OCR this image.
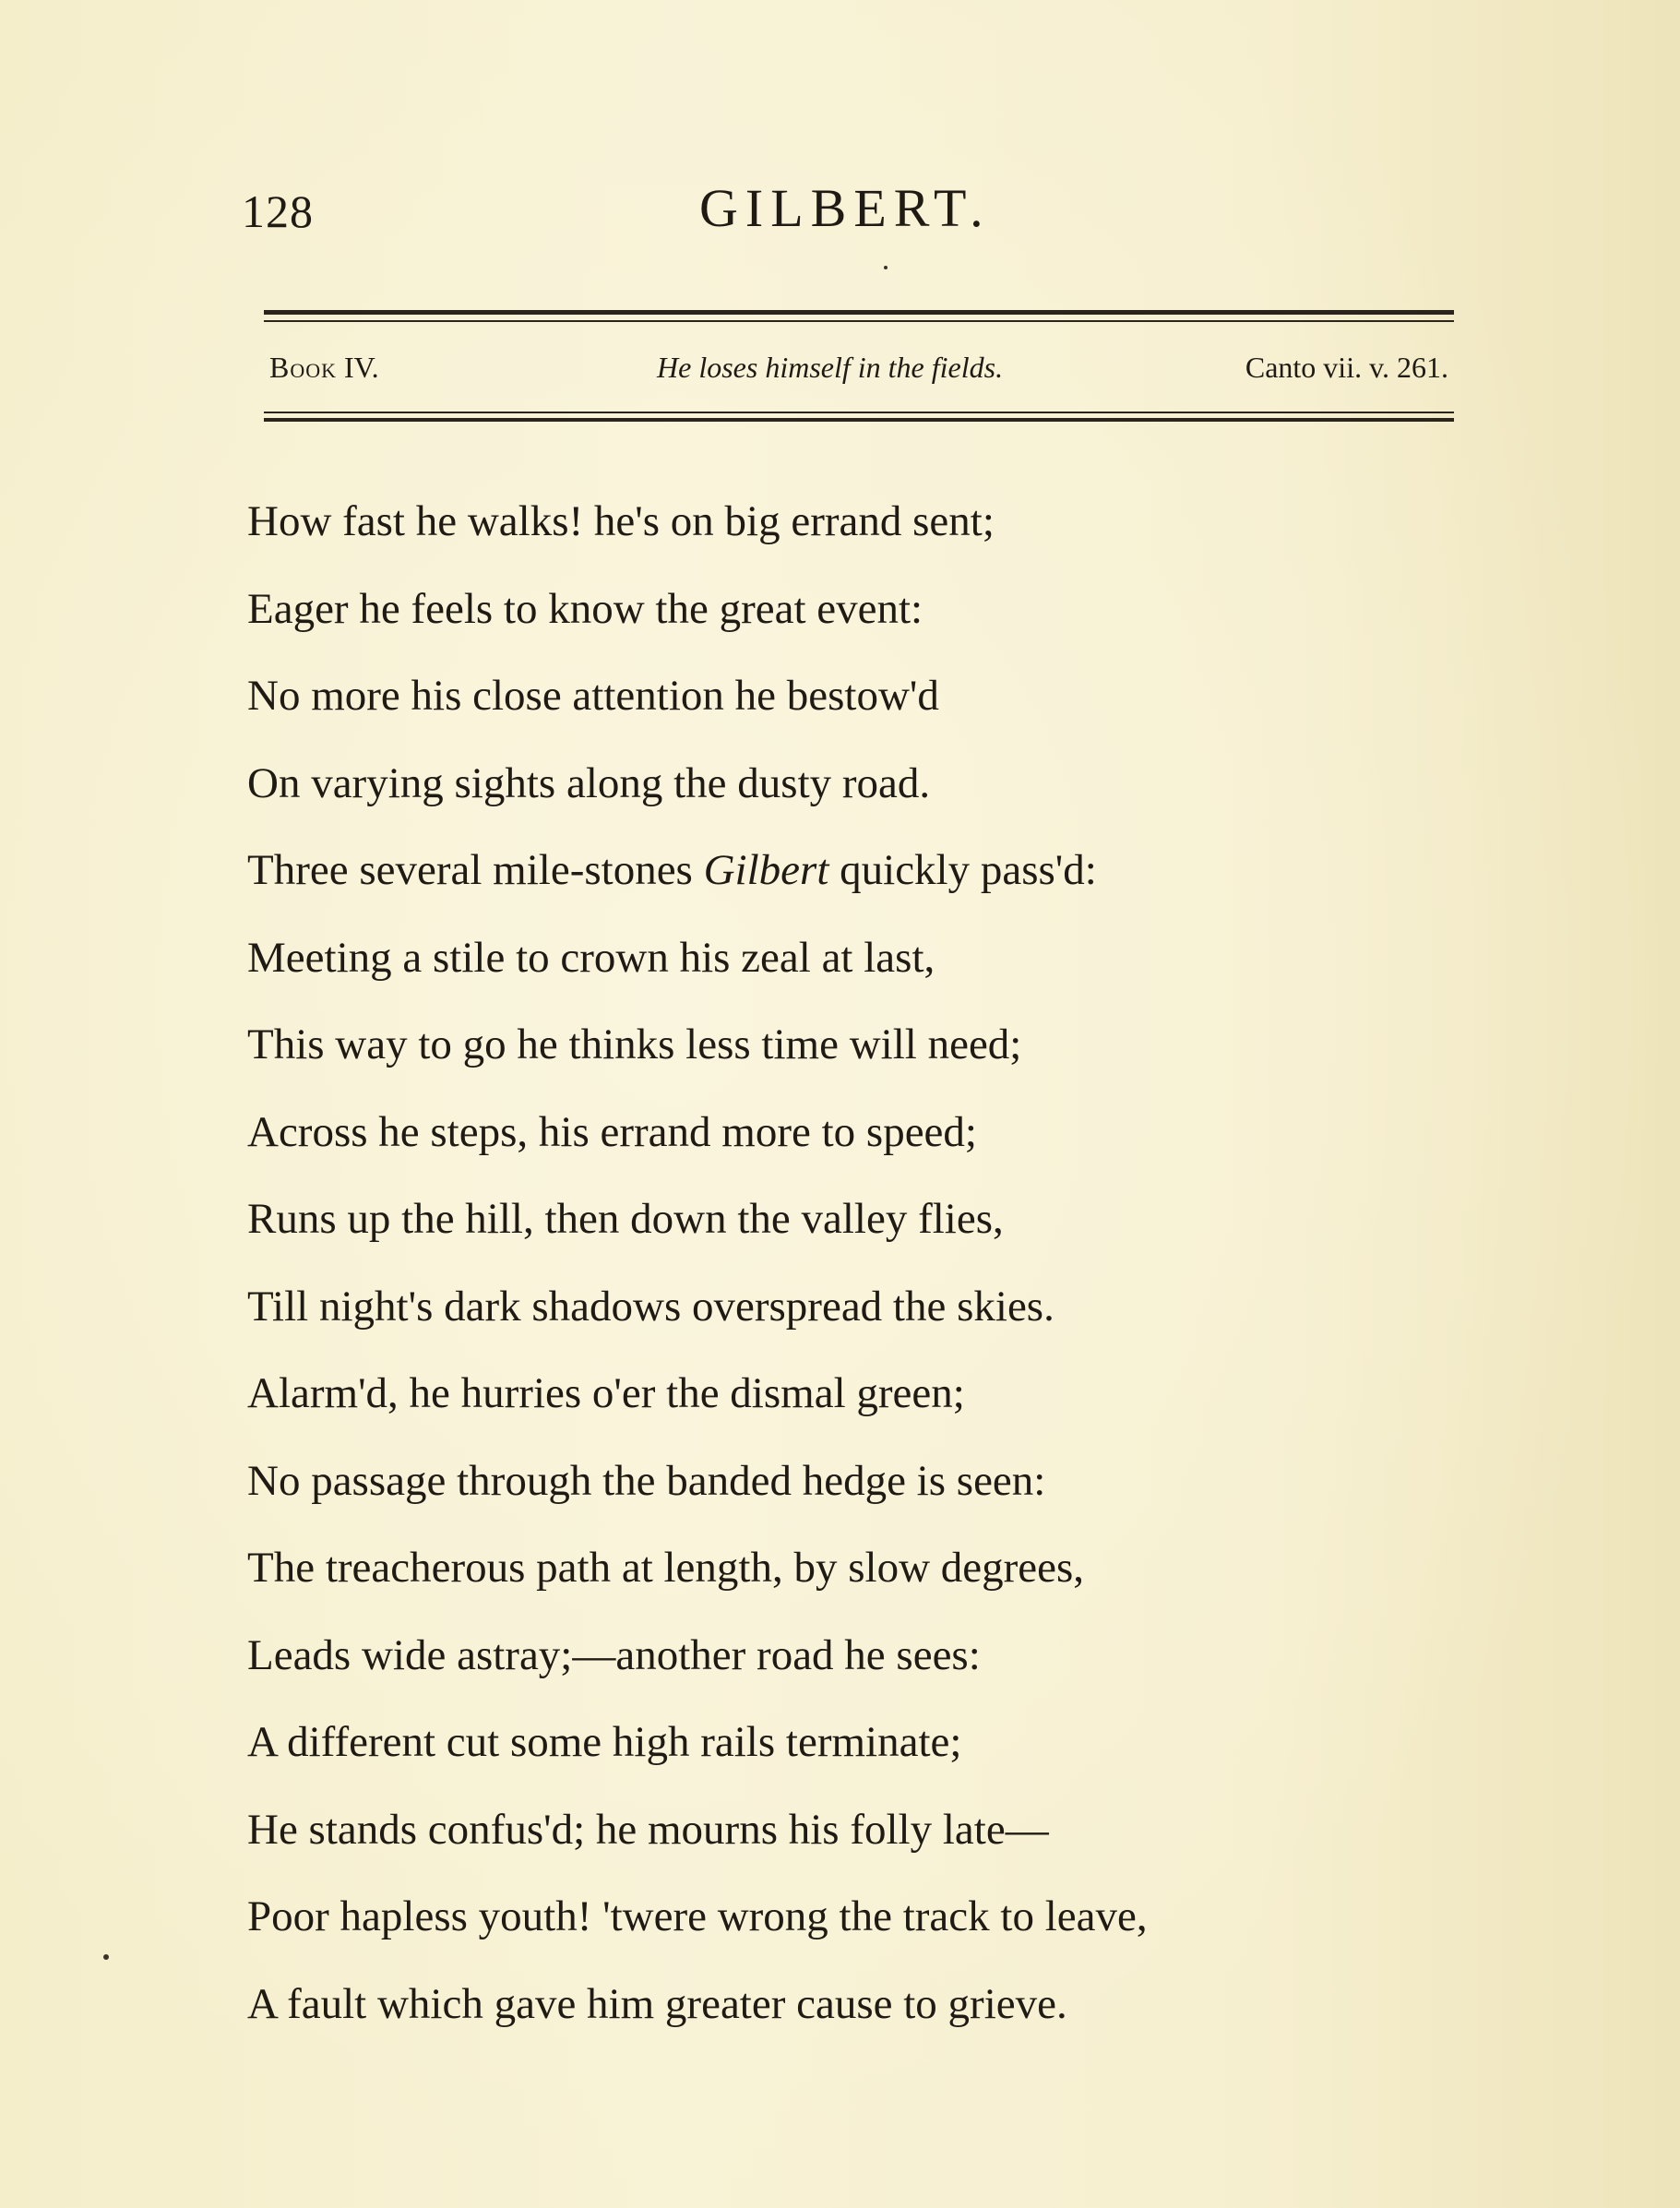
128	GILBERT.
Book IV.	He loses himself in the fields.	Canto vii. v. 261.
How fast he walks! he's on big errand sent;
Eager he feels to know the great event:
No more his close attention he bestow'd
On varying sights along the dusty road.
Three several mile-stones Gilbert quickly pass'd:
Meeting a stile to crown his zeal at last,
This way to go he thinks less time will need;
Across he steps, his errand more to speed;
Runs up the hill, then down the valley flies,
Till night's dark shadows overspread the skies.
Alarm'd, he hurries o'er the dismal green;
No passage through the banded hedge is seen:
The treacherous path at length, by slow degrees,
Leads wide astray;—another road he sees:
A different cut some high rails terminate;
He stands confus'd; he mourns his folly late—
Poor hapless youth! 'twere wrong the track to leave,
A fault which gave him greater cause to grieve.
